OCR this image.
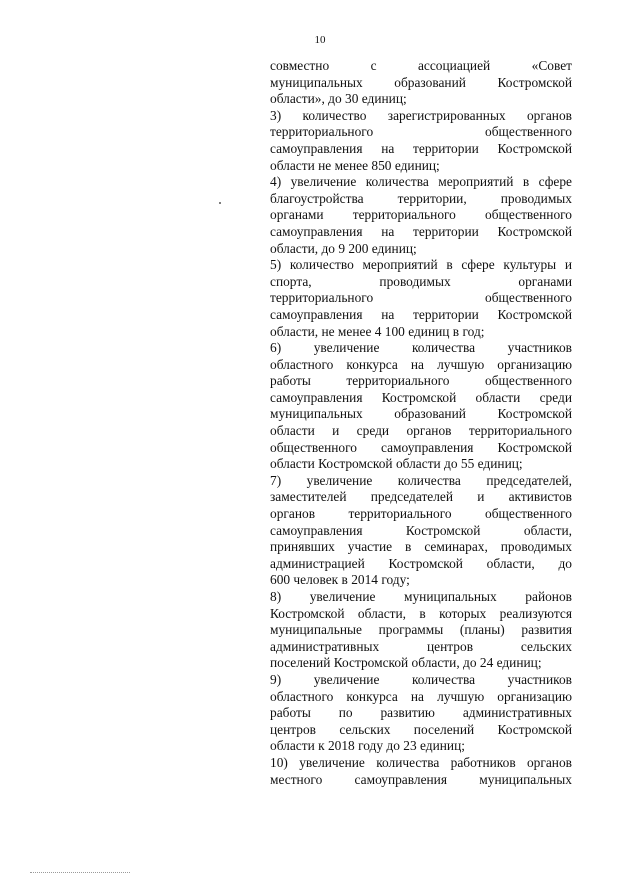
10
совместно с ассоциацией «Совет
муниципальных образований Костромской
области», до 30 единиц;
3) количество зарегистрированных органов
территориального общественного
самоуправления на территории Костромской
области не менее 850 единиц;
4) увеличение количества мероприятий в сфере
благоустройства территории, проводимых
органами территориального общественного
самоуправления на территории Костромской
области, до 9 200 единиц;
5) количество мероприятий в сфере культуры и
спорта, проводимых органами
территориального общественного
самоуправления на территории Костромской
области, не менее 4 100 единиц в год;
6) увеличение количества участников
областного конкурса на лучшую организацию
работы территориального общественного
самоуправления Костромской области среди
муниципальных образований Костромской
области и среди органов территориального
общественного самоуправления Костромской
области Костромской области до 55 единиц;
7) увеличение количества председателей,
заместителей председателей и активистов
органов территориального общественного
самоуправления Костромской области,
принявших участие в семинарах, проводимых
администрацией Костромской области, до
600 человек в 2014 году;
8) увеличение муниципальных районов
Костромской области, в которых реализуются
муниципальные программы (планы) развития
административных центров сельских
поселений Костромской области, до 24 единиц;
9) увеличение количества участников
областного конкурса на лучшую организацию
работы по развитию административных
центров сельских поселений Костромской
области к 2018 году до 23 единиц;
10) увеличение количества работников органов
местного самоуправления муниципальных
